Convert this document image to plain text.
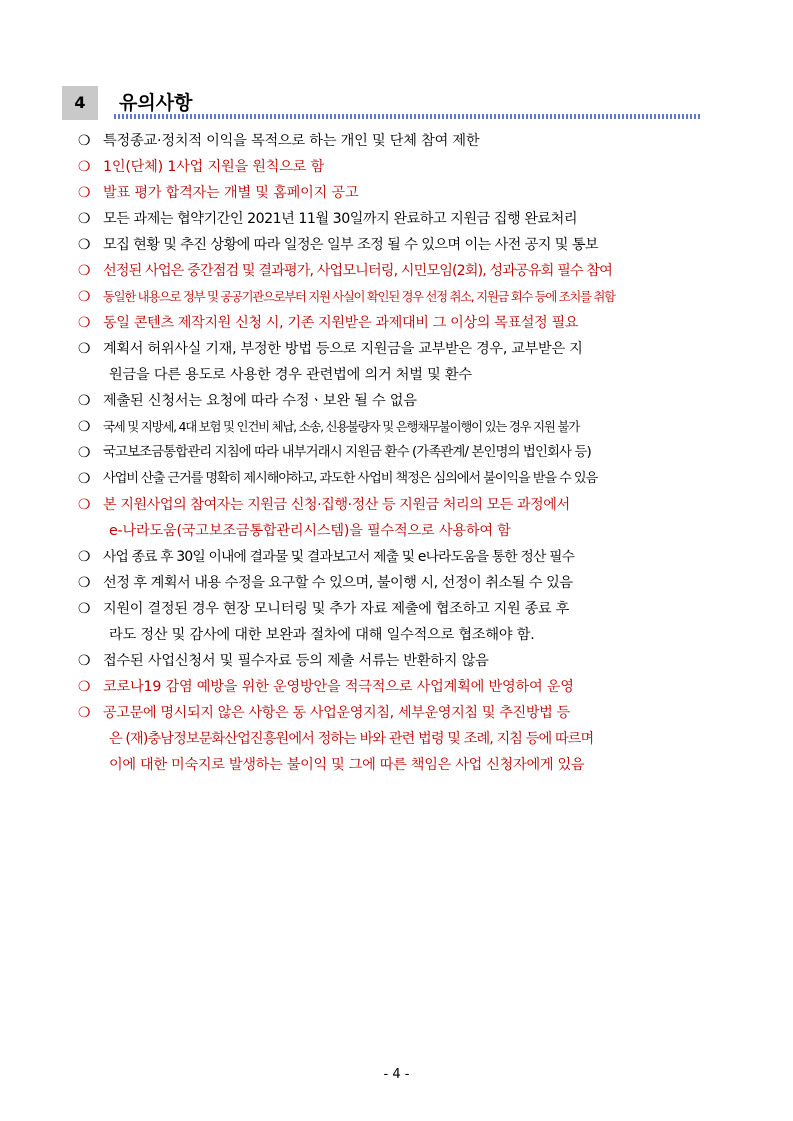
4	유의사항
❍ 특정종교·정치적 이익을 목적으로 하는 개인 및 단체 참여 제한
❍ 1인(단체) 1사업 지원을 원칙으로 함
❍ 발표 평가 합격자는 개별 및 홈페이지 공고
❍ 모든 과제는 협약기간인 2021년 11월 30일까지 완료하고 지원금 집행 완료처리
❍ 모집 현황 및 추진 상황에 따라 일정은 일부 조정 될 수 있으며 이는 사전 공지 및 통보
❍ 선정된 사업은 중간점검 및 결과평가, 사업모니터링, 시민모임(2회), 성과공유회 필수 참여
❍ 동일한 내용으로 정부 및 공공기관으로부터 지원 사실이 확인된 경우 선정 취소, 지원금 회수 등에 조치를 취함
❍ 동일 콘텐츠 제작지원 신청 시, 기존 지원받은 과제대비 그 이상의 목표설정 필요
❍ 계획서 허위사실 기재, 부정한 방법 등으로 지원금을 교부받은 경우, 교부받은 지
원금을 다른 용도로 사용한 경우 관련법에 의거 처벌 및 환수
❍ 제출된 신청서는 요청에 따라 수정ㆍ보완 될 수 없음
❍ 국세 및 지방세, 4대 보험 및 인건비 체납, 소송, 신용불량자 및 은행채무불이행이 있는 경우 지원 불가
❍ 국고보조금통합관리 지침에 따라 내부거래시 지원금 환수 (가족관계/ 본인명의 법인회사 등)
❍ 사업비 산출 근거를 명확히 제시해야하고, 과도한 사업비 책정은 심의에서 불이익을 받을 수 있음
❍ 본 지원사업의 참여자는 지원금 신청·집행·정산 등 지원금 처리의 모든 과정에서
e-나라도움(국고보조금통합관리시스템)을 필수적으로 사용하여 함
❍ 사업 종료 후 30일 이내에 결과물 및 결과보고서 제출 및 e나라도움을 통한 정산 필수
❍ 선정 후 계획서 내용 수정을 요구할 수 있으며, 불이행 시, 선정이 취소될 수 있음
❍ 지원이 결정된 경우 현장 모니터링 및 추가 자료 제출에 협조하고 지원 종료 후
라도 정산 및 감사에 대한 보완과 절차에 대해 일수적으로 협조해야 함.
❍ 접수된 사업신청서 및 필수자료 등의 제출 서류는 반환하지 않음
❍ 코로나19 감염 예방을 위한 운영방안을 적극적으로 사업계획에 반영하여 운영
❍ 공고문에 명시되지 않은 사항은 동 사업운영지침, 세부운영지침 및 추진방법 등
은 (재)충남정보문화산업진흥원에서 정하는 바와 관련 법령 및 조례, 지침 등에 따르며
이에 대한 미숙지로 발생하는 불이익 및 그에 따른 책임은 사업 신청자에게 있음
- 4 -
